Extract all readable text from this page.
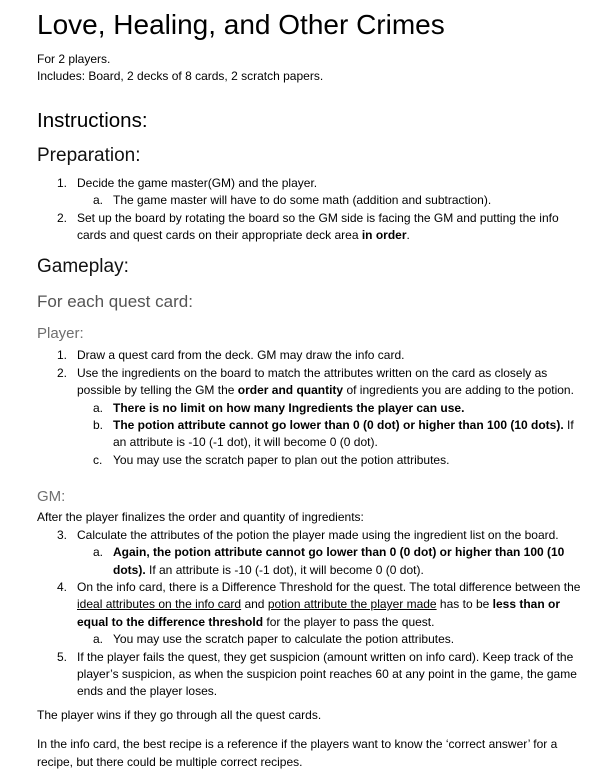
Love, Healing, and Other Crimes
For 2 players.
Includes: Board, 2 decks of 8 cards, 2 scratch papers.
Instructions:
Preparation:
1. Decide the game master(GM) and the player.
a. The game master will have to do some math (addition and subtraction).
2. Set up the board by rotating the board so the GM side is facing the GM and putting the info cards and quest cards on their appropriate deck area in order.
Gameplay:
For each quest card:
Player:
1. Draw a quest card from the deck. GM may draw the info card.
2. Use the ingredients on the board to match the attributes written on the card as closely as possible by telling the GM the order and quantity of ingredients you are adding to the potion.
a. There is no limit on how many Ingredients the player can use.
b. The potion attribute cannot go lower than 0 (0 dot) or higher than 100 (10 dots). If an attribute is -10 (-1 dot), it will become 0 (0 dot).
c. You may use the scratch paper to plan out the potion attributes.
GM:
After the player finalizes the order and quantity of ingredients:
3. Calculate the attributes of the potion the player made using the ingredient list on the board.
a. Again, the potion attribute cannot go lower than 0 (0 dot) or higher than 100 (10 dots). If an attribute is -10 (-1 dot), it will become 0 (0 dot).
4. On the info card, there is a Difference Threshold for the quest. The total difference between the ideal attributes on the info card and potion attribute the player made has to be less than or equal to the difference threshold for the player to pass the quest.
a. You may use the scratch paper to calculate the potion attributes.
5. If the player fails the quest, they get suspicion (amount written on info card). Keep track of the player’s suspicion, as when the suspicion point reaches 60 at any point in the game, the game ends and the player loses.
The player wins if they go through all the quest cards.
In the info card, the best recipe is a reference if the players want to know the ‘correct answer’ for a recipe, but there could be multiple correct recipes.
